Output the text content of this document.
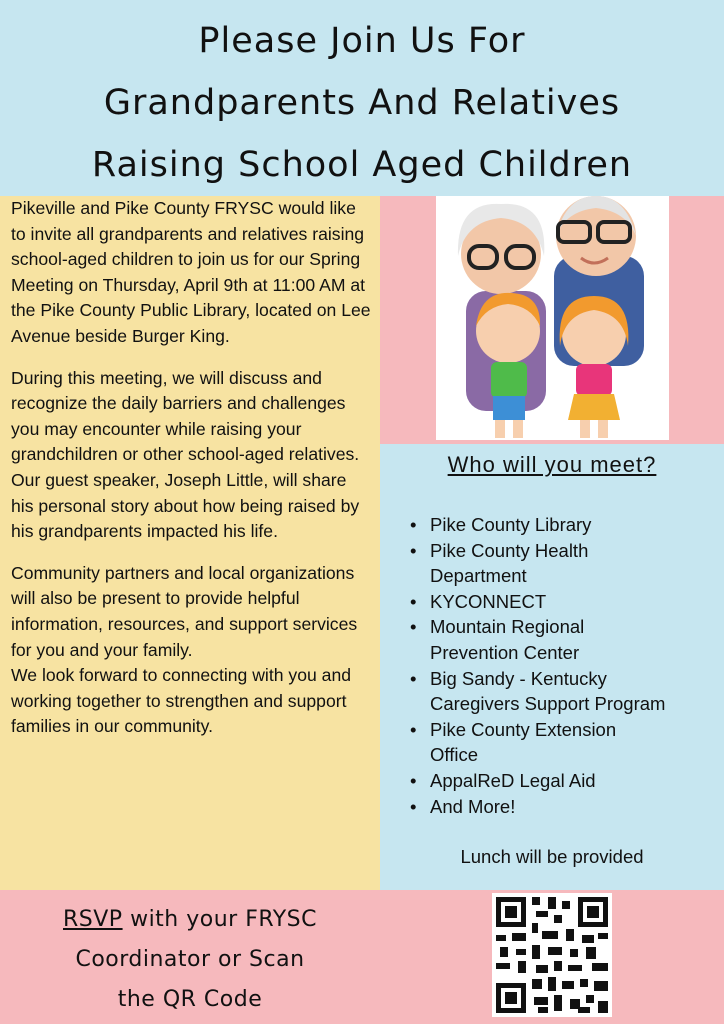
Please Join Us For
Grandparents And Relatives
Raising School Aged Children

Pikeville and Pike County FRYSC would like to invite all grandparents and relatives raising school-aged children to join us for our Spring Meeting on Thursday, April 9th at 11:00 AM at the Pike County Public Library, located on Lee Avenue beside Burger King.

During this meeting, we will discuss and recognize the daily barriers and challenges you may encounter while raising your grandchildren or other school-aged relatives. Our guest speaker, Joseph Little, will share his personal story about how being raised by his grandparents impacted his life.

Community partners and local organizations will also be present to provide helpful information, resources, and support services for you and your family.
We look forward to connecting with you and working together to strengthen and support families in our community.

Who will you meet?
• Pike County Library
• Pike County Health
Department
• KYCONNECT
• Mountain Regional
Prevention Center
• Big Sandy - Kentucky
Caregivers Support Program
• Pike County Extension
Office
• AppalReD Legal Aid
• And More!
Lunch will be provided
RSVP with your FRYSC
Coordinator or Scan
the QR Code
